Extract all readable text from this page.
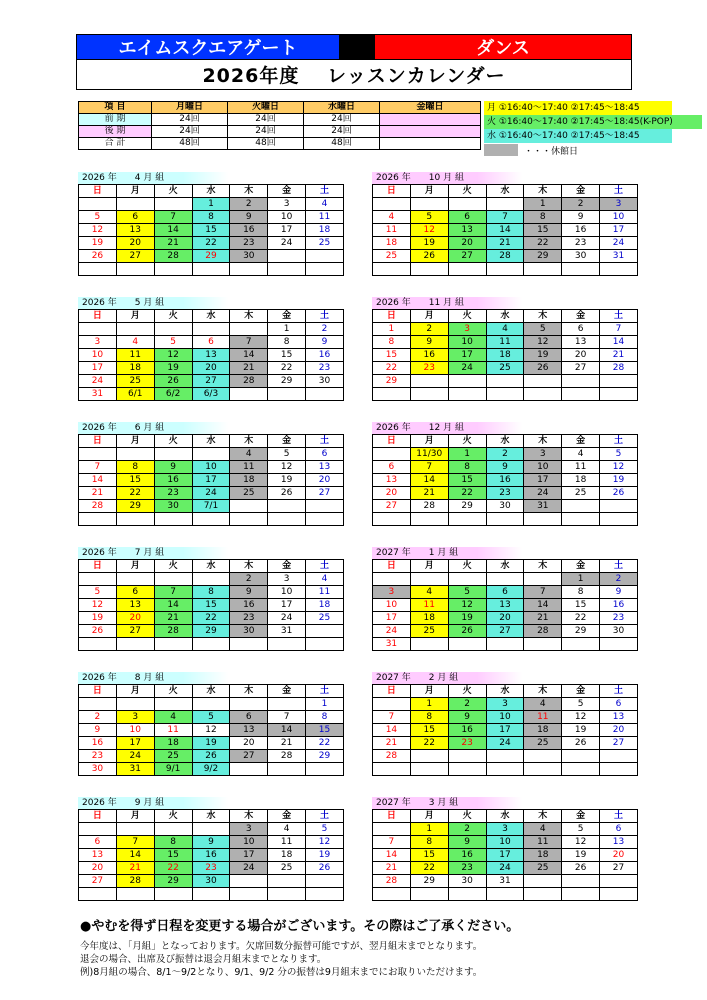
エイムスクエアゲート	ダンス
2026年度　 レッスンカレンダー
項 目	月曜日	火曜日	水曜日	金曜日
前 期	24回	24回	24回	
後 期	24回	24回	24回	
合 計	48回	48回	48回	
月 ①16:40～17:40 ②17:45～18:45
火 ①16:40～17:40 ②17:45～18:45(K-POP)
水 ①16:40～17:40 ②17:45～18:45
・・・休館日
2026 年　　4 月 組
日	月	火	水	木	金	土
			1	2	3	4
5	6	7	8	9	10	11
12	13	14	15	16	17	18
19	20	21	22	23	24	25
26	27	28	29	30		

2026 年　　10 月 組
日	月	火	水	木	金	土
				1	2	3
4	5	6	7	8	9	10
11	12	13	14	15	16	17
18	19	20	21	22	23	24
25	26	27	28	29	30	31

2026 年　　5 月 組
日	月	火	水	木	金	土
					1	2
3	4	5	6	7	8	9
10	11	12	13	14	15	16
17	18	19	20	21	22	23
24	25	26	27	28	29	30
31	6/1	6/2	6/3			
2026 年　　11 月 組
日	月	火	水	木	金	土
1	2	3	4	5	6	7
8	9	10	11	12	13	14
15	16	17	18	19	20	21
22	23	24	25	26	27	28
29						

2026 年　　6 月 組
日	月	火	水	木	金	土
				4	5	6
7	8	9	10	11	12	13
14	15	16	17	18	19	20
21	22	23	24	25	26	27
28	29	30	7/1			

2026 年　　12 月 組
日	月	火	水	木	金	土
	11/30	1	2	3	4	5
6	7	8	9	10	11	12
13	14	15	16	17	18	19
20	21	22	23	24	25	26
27	28	29	30	31		

2026 年　　7 月 組
日	月	火	水	木	金	土
				2	3	4
5	6	7	8	9	10	11
12	13	14	15	16	17	18
19	20	21	22	23	24	25
26	27	28	29	30	31	

2027 年　　1 月 組
日	月	火	水	木	金	土
					1	2
3	4	5	6	7	8	9
10	11	12	13	14	15	16
17	18	19	20	21	22	23
24	25	26	27	28	29	30
31						
2026 年　　8 月 組
日	月	火	水	木	金	土
						1
2	3	4	5	6	7	8
9	10	11	12	13	14	15
16	17	18	19	20	21	22
23	24	25	26	27	28	29
30	31	9/1	9/2			
2027 年　　2 月 組
日	月	火	水	木	金	土
	1	2	3	4	5	6
7	8	9	10	11	12	13
14	15	16	17	18	19	20
21	22	23	24	25	26	27
28						

2026 年　　9 月 組
日	月	火	水	木	金	土
				3	4	5
6	7	8	9	10	11	12
13	14	15	16	17	18	19
20	21	22	23	24	25	26
27	28	29	30			

2027 年　　3 月 組
日	月	火	水	木	金	土
	1	2	3	4	5	6
7	8	9	10	11	12	13
14	15	16	17	18	19	20
21	22	23	24	25	26	27
28	29	30	31			

●やむを得ず日程を変更する場合がございます。その際はご了承ください。
今年度は、「月組」となっております。欠席回数分振替可能ですが、翌月組末までとなります。
退会の場合、出席及び振替は退会月組末までとなります。
例)8月組の場合、8/1～9/2となり、9/1、9/2 分の振替は9月組末までにお取りいただけます。
